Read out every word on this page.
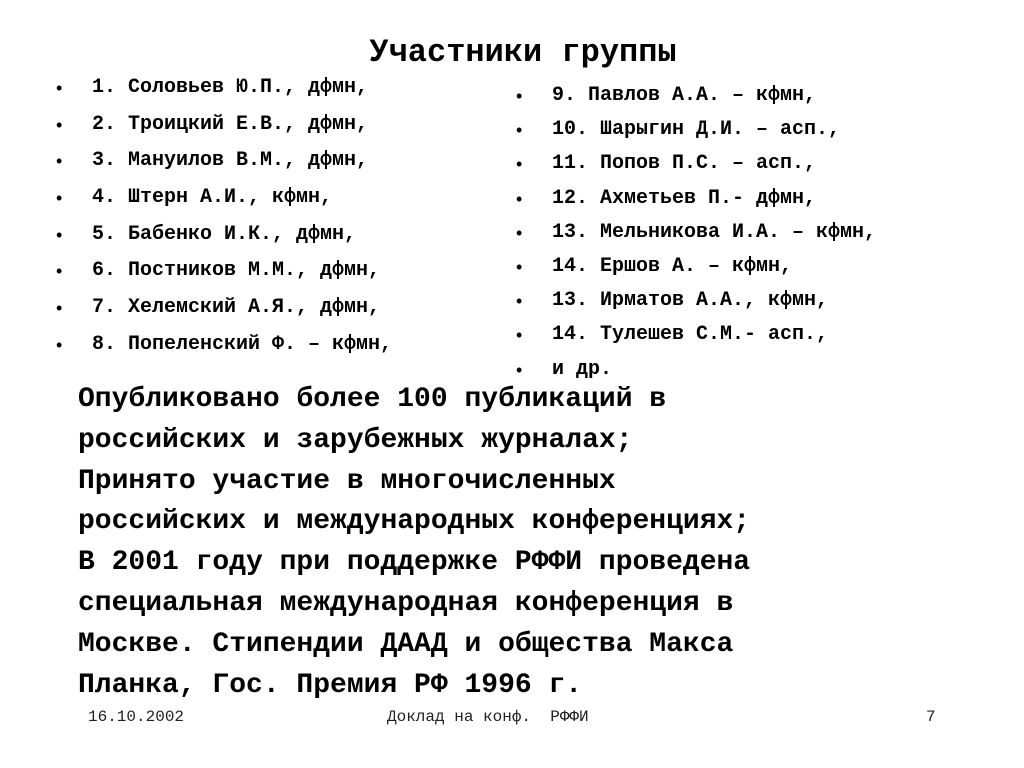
Участники группы
• 1. Соловьев Ю.П., дфмн,
• 2. Троицкий Е.В., дфмн,
• 3. Мануилов В.М., дфмн,
• 4. Штерн А.И., кфмн,
• 5. Бабенко И.К., дфмн,
• 6. Постников М.М., дфмн,
• 7. Хелемский А.Я., дфмн,
• 8. Попеленский Ф. – кфмн,
• 9. Павлов А.А. – кфмн,
• 10. Шарыгин Д.И. – асп.,
• 11. Попов П.С. – асп.,
• 12. Ахметьев П.- дфмн,
• 13. Мельникова И.А. – кфмн,
• 14. Ершов А. – кфмн,
• 13. Ирматов А.А., кфмн,
• 14. Тулешев С.М.- асп.,
• и др.

Опубликовано более 100 публикаций в

российских и зарубежных журналах;

Принято участие в многочисленных

российских и международных конференциях;

В 2001 году при поддержке РФФИ проведена

специальная международная конференция в

Москве. Стипендии ДААД и общества Макса

Планка, Гос. Премия РФ 1996 г.

16.10.2002	Доклад на конф.  РФФИ	7
